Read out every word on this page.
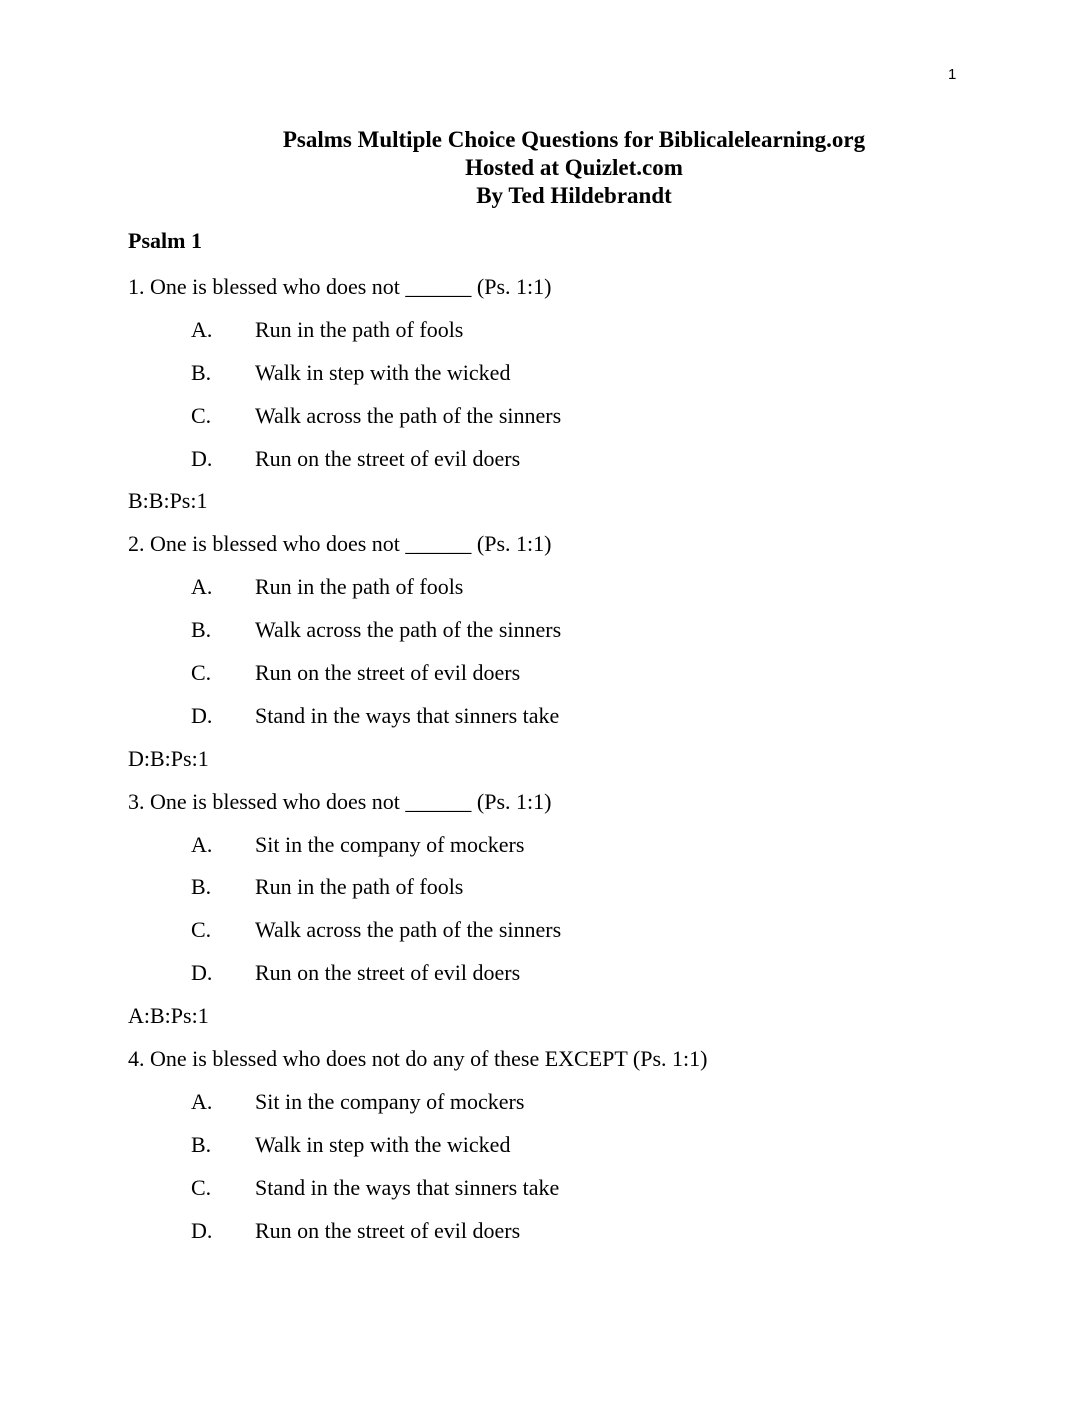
1
Psalms Multiple Choice Questions for Biblicalelearning.org
Hosted at Quizlet.com
By Ted Hildebrandt
Psalm 1
1. One is blessed who does not ______ (Ps. 1:1)
A. Run in the path of fools
B. Walk in step with the wicked
C. Walk across the path of the sinners
D. Run on the street of evil doers
B:B:Ps:1
2. One is blessed who does not ______ (Ps. 1:1)
A. Run in the path of fools
B. Walk across the path of the sinners
C. Run on the street of evil doers
D. Stand in the ways that sinners take
D:B:Ps:1
3. One is blessed who does not ______ (Ps. 1:1)
A. Sit in the company of mockers
B. Run in the path of fools
C. Walk across the path of the sinners
D. Run on the street of evil doers
A:B:Ps:1
4. One is blessed who does not do any of these EXCEPT (Ps. 1:1)
A. Sit in the company of mockers
B. Walk in step with the wicked
C. Stand in the ways that sinners take
D. Run on the street of evil doers
